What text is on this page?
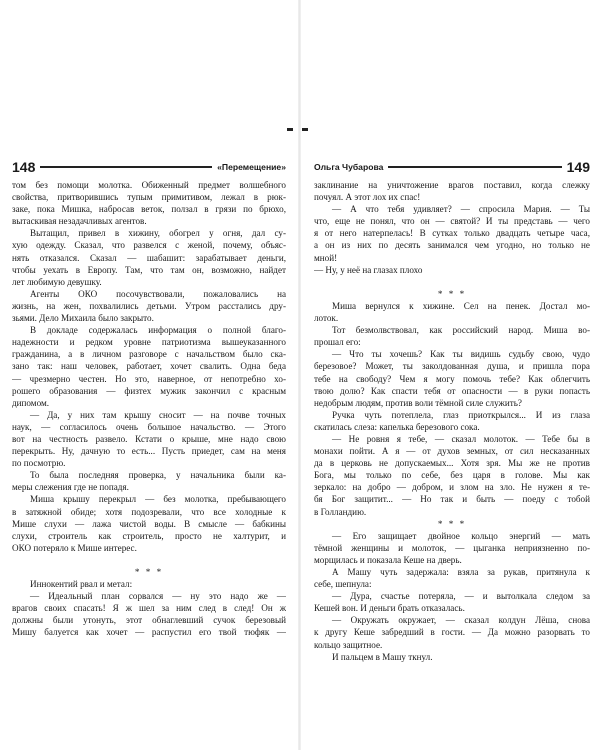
148	«Перемещение»
том без помощи молотка. Обиженный предмет волшебного
свойства, притворившись тупым примитивом, лежал в рюк-
заке, пока Мишка, набросав веток, ползал в грязи по брюхо,
вытаскивая незадачливых агентов.
Вытащил, привел в хижину, обогрел у огня, дал су-
хую одежду. Сказал, что развелся с женой, почему, объяс-
нять отказался. Сказал — шабашит: зарабатывает деньги,
чтобы уехать в Европу. Там, что там он, возможно, найдет
лет любимую девушку.
Агенты ОКО посочувствовали, пожаловались на
жизнь, на жен, похвалились детьми. Утром расстались дру-
зьями. Дело Михаила было закрыто.
В докладе содержалась информация о полной благо-
надежности и редком уровне патриотизма вышеуказанного
гражданина, а в личном разговоре с начальством было ска-
зано так: наш человек, работает, хочет свалить. Одна беда
— чрезмерно честен. Но это, наверное, от непотребно хо-
рошего образования — физтех мужик закончил с красным
дипомом.
— Да, у них там крышу сносит — на почве точных
наук, — согласилось очень большое начальство. — Этого
вот на честность развело. Кстати о крыше, мне надо свою
перекрыть. Ну, дачную то есть... Пусть приедет, сам на меня
по посмотрю.
То была последняя проверка, у начальника были ка-
меры слежения где не попадя.
Миша крышу перекрыл — без молотка, пребывающего
в затяжной обиде; хотя подозревали, что все холодные к
Мише слухи — лажа чистой воды. В смысле — бабкины
слухи, строитель как строитель, просто не халтурит, и
ОКО потеряло к Мише интерес.
* * *
Иннокентий рвал и метал:
— Идеальный план сорвался — ну это надо же —
врагов своих спасать! Я ж шел за ним след в след! Он ж
должны были утонуть, этот обнаглевший сучок березовый
Мишу балуется как хочет — распустил его твой тюфяк —
Ольга Чубарова	149
заклинание на уничтожение врагов поставил, когда слежку
почуял. А этот лох их спас!
— А что тебя удивляет? — спросила Мария. — Ты
что, еще не понял, что он — святой? И ты представь — чего
я от него натерпелась! В сутках только двадцать четыре часа,
а он из них по десять занимался чем угодно, но только не
мной!
— Ну, у неё на глазах плохо
* * *
Миша вернулся к хижине. Сел на пенек. Достал мо-
лоток.
Тот безмолвствовал, как российский народ. Миша во-
прошал его:
— Что ты хочешь? Как ты видишь судьбу свою, чудо
березовое? Может, ты заколдованная душа, и пришла пора
тебе на свободу? Чем я могу помочь тебе? Как облегчить
твою долю? Как спасти тебя от опасности — в руки попасть
недобрым людям, против воли тёмной силе служить?
Ручка чуть потеплела, глаз приоткрылся... И из глаза
скатилась слеза: капелька березового сока.
— Не ровня я тебе, — сказал молоток. — Тебе бы в
монахи пойти. А я — от духов земных, от сил несказанных
да в церковь не допускаемых... Хотя зря. Мы же не против
Бога, мы только по себе, без царя в голове. Мы как
зеркало: на добро — добром, и злом на зло. Не нужен я те-
бя Бог защитит... — Но так и быть — поеду с тобой
в Голландию.
* * *
— Его защищает двойное кольцо энергий — мать
тёмной женщины и молоток, — цыганка неприязненно по-
морщилась и показала Кеше на дверь.
А Машу чуть задержала: взяла за рукав, притянула к
себе, шепнула:
— Дура, счастье потеряла, — и вытолкала следом за
Кешей вон. И деньги брать отказалась.
— Окружать окружает, — сказал колдун Лёша, снова
к другу Кеше забредший в гости. — Да можно разорвать то
кольцо защитное.
И пальцем в Машу ткнул.
